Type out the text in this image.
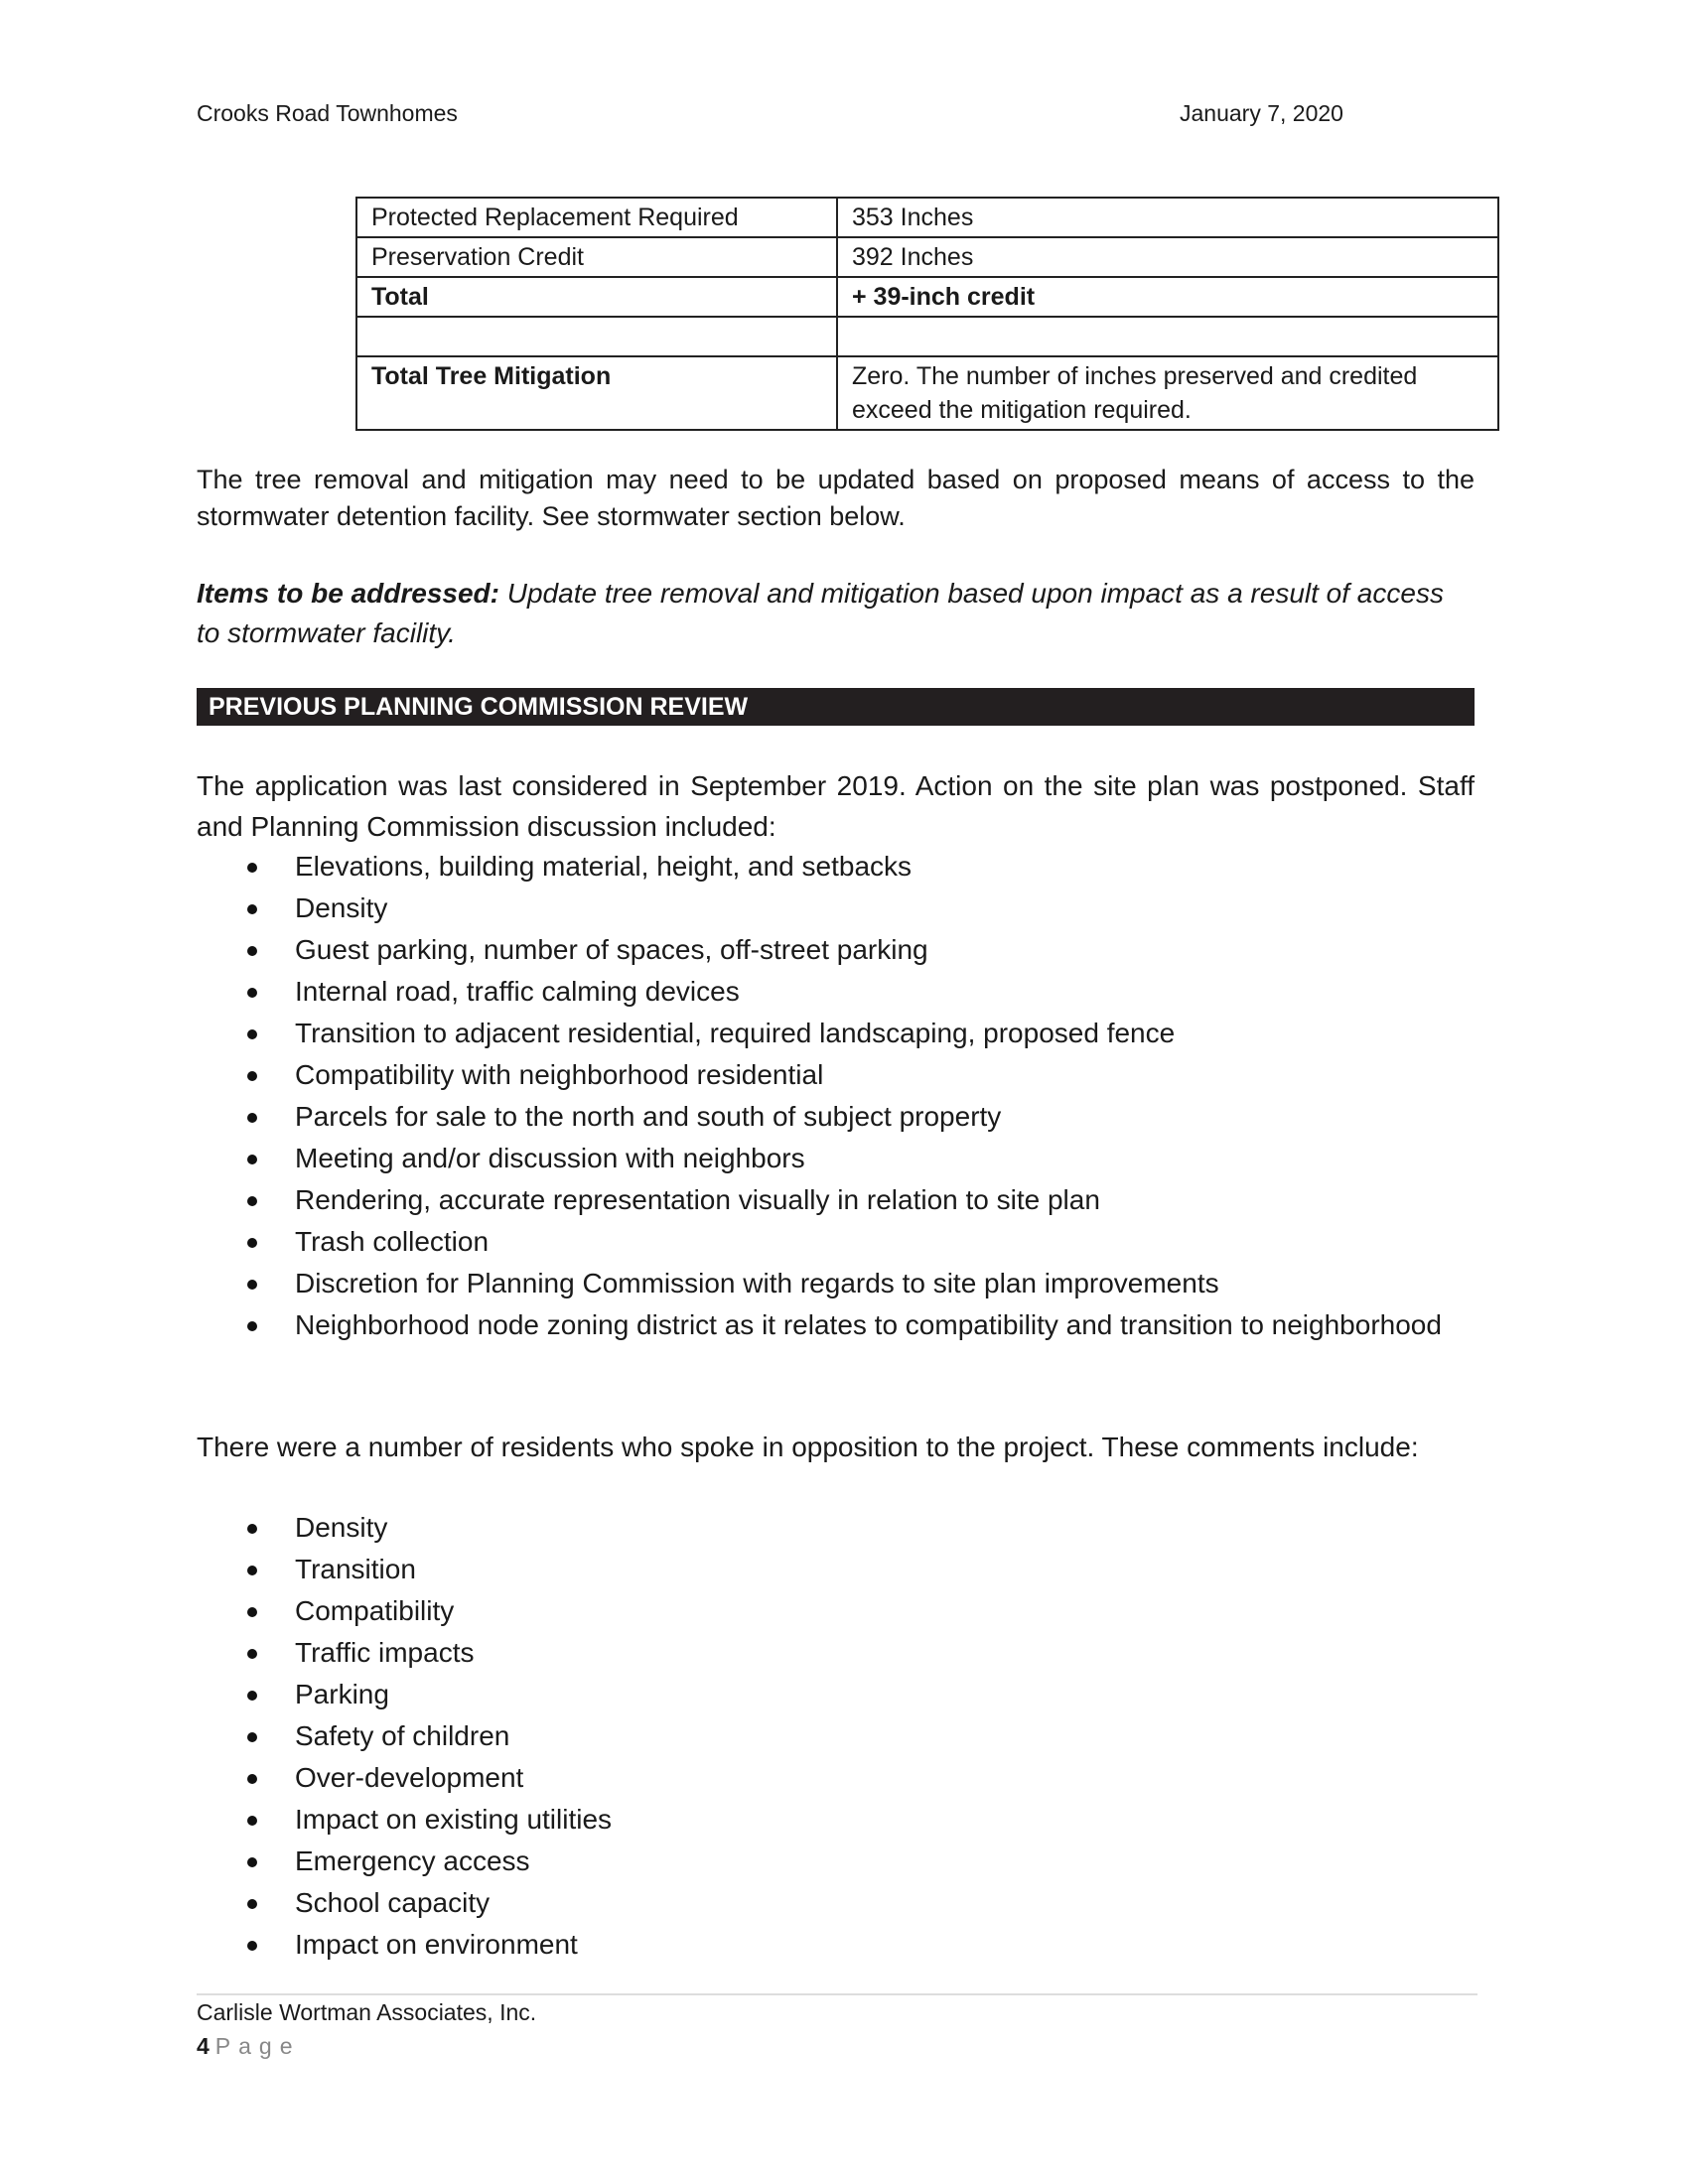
Crooks Road Townhomes	January 7, 2020
Protected Replacement Required	353 Inches
Preservation Credit	392 Inches
Total	+ 39-inch credit

Total Tree Mitigation	Zero. The number of inches preserved and credited exceed the mitigation required.
The tree removal and mitigation may need to be updated based on proposed means of access to the stormwater detention facility. See stormwater section below.
Items to be addressed: Update tree removal and mitigation based upon impact as a result of access to stormwater facility.
PREVIOUS PLANNING COMMISSION REVIEW
The application was last considered in September 2019. Action on the site plan was postponed. Staff and Planning Commission discussion included:
Elevations, building material, height, and setbacks
Density
Guest parking, number of spaces, off-street parking
Internal road, traffic calming devices
Transition to adjacent residential, required landscaping, proposed fence
Compatibility with neighborhood residential
Parcels for sale to the north and south of subject property
Meeting and/or discussion with neighbors
Rendering, accurate representation visually in relation to site plan
Trash collection
Discretion for Planning Commission with regards to site plan improvements
Neighborhood node zoning district as it relates to compatibility and transition to neighborhood
There were a number of residents who spoke in opposition to the project. These comments include:
Density
Transition
Compatibility
Traffic impacts
Parking
Safety of children
Over-development
Impact on existing utilities
Emergency access
School capacity
Impact on environment
Carlisle Wortman Associates, Inc.
4 Page
